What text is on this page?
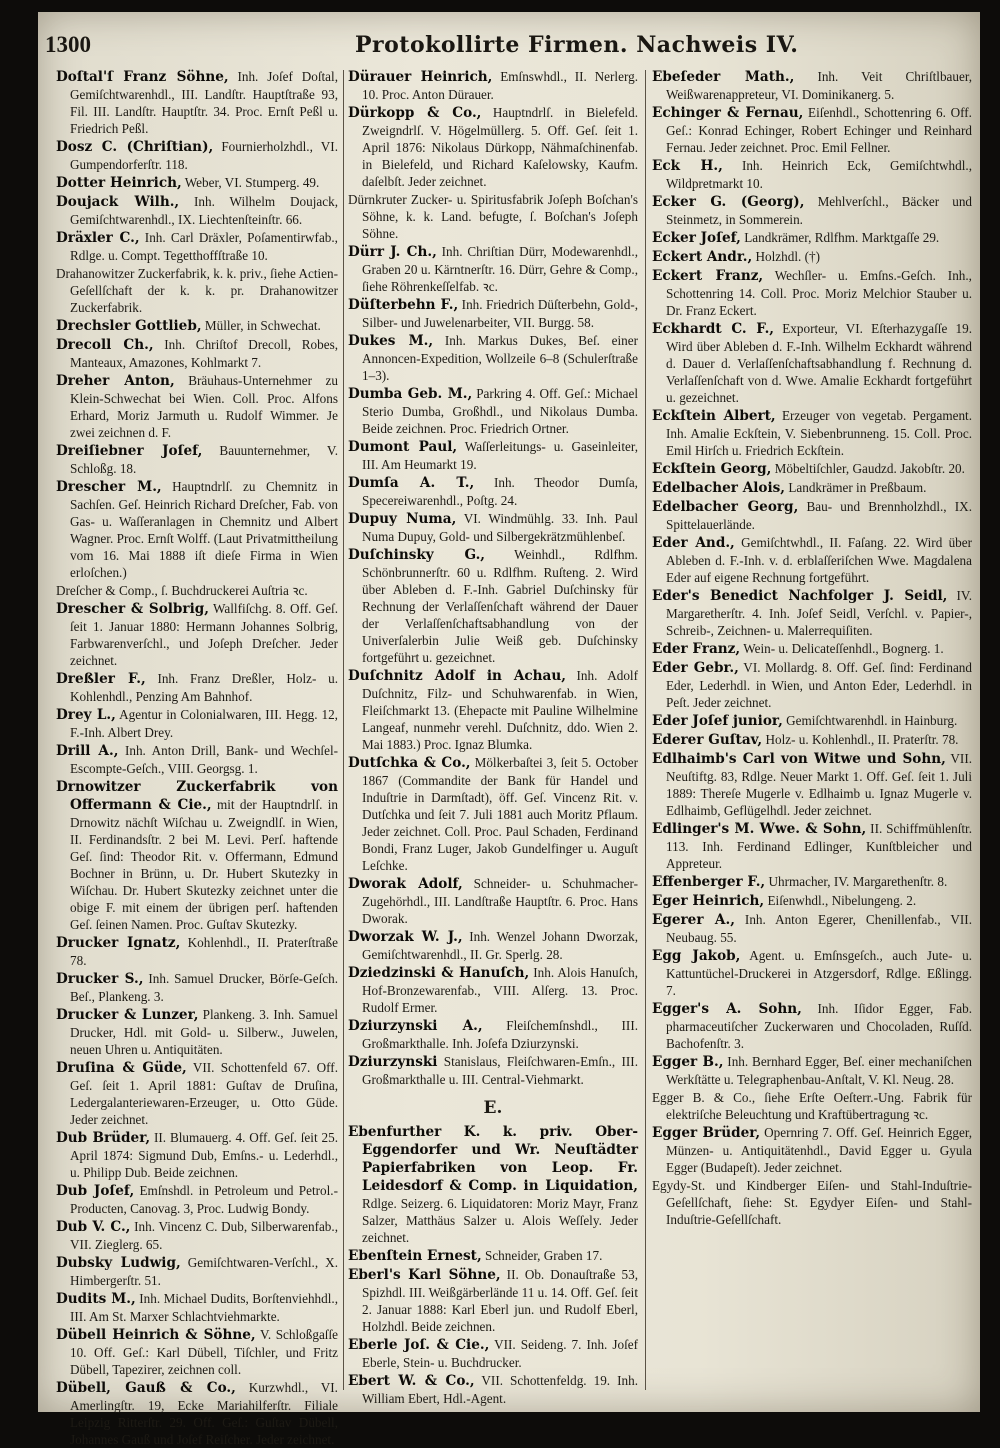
1300	Protokollirte Firmen. Nachweis IV.
Doſtal'ſ Franz Söhne, Inh. Joſef Doſtal, Gemiſchtwarenhdl., III. Landſtr. Hauptſtraße 93, Fil. III. Landſtr. Hauptſtr. 34. Proc. Ernſt Peßl u. Friedrich Peßl.
Dosz C. (Chriſtian), Fournierholzhdl., VI. Gumpendorferſtr. 118.
Dotter Heinrich, Weber, VI. Stumperg. 49.
Doujack Wilh., Inh. Wilhelm Doujack, Gemiſchtwarenhdl., IX. Liechtenſteinſtr. 66.
Dräxler C., Inh. Carl Dräxler, Poſamentirwfab., Rdlge. u. Compt. Tegetthoffſtraße 10.
Drahanowitzer Zuckerfabrik, k. k. priv., ſiehe Actien-Geſellſchaft der k. k. pr. Drahanowitzer Zuckerfabrik.
Drechsler Gottlieb, Müller, in Schwechat.
Drecoll Ch., Inh. Chriſtof Drecoll, Robes, Manteaux, Amazones, Kohlmarkt 7.
Dreher Anton, Bräuhaus-Unternehmer zu Klein-Schwechat bei Wien. Coll. Proc. Alfons Erhard, Moriz Jarmuth u. Rudolf Wimmer. Je zwei zeichnen d. F.
Dreiſiebner Joſef, Bauunternehmer, V. Schloßg. 18.
Drescher M., Hauptndrlſ. zu Chemnitz in Sachſen. Geſ. Heinrich Richard Dreſcher, Fab. von Gas- u. Waſſeranlagen in Chemnitz und Albert Wagner. Proc. Ernſt Wolff. (Laut Privatmittheilung vom 16. Mai 1888 iſt dieſe Firma in Wien erloſchen.)
Dreſcher & Comp., ſ. Buchdruckerei Auſtria ꝛc.
Drescher & Solbrig, Wallfiſchg. 8. Off. Geſ. ſeit 1. Januar 1880: Hermann Johannes Solbrig, Farbwarenverſchl., und Joſeph Dreſcher. Jeder zeichnet.
Dreßler F., Inh. Franz Dreßler, Holz- u. Kohlenhdl., Penzing Am Bahnhof.
Drey L., Agentur in Colonialwaren, III. Hegg. 12, F.-Inh. Albert Drey.
Drill A., Inh. Anton Drill, Bank- und Wechſel-Escompte-Geſch., VIII. Georgsg. 1.
Drnowitzer Zuckerfabrik von Offermann & Cie., mit der Hauptndrlſ. in Drnowitz nächſt Wiſchau u. Zweigndlſ. in Wien, II. Ferdinandsſtr. 2 bei M. Levi. Perſ. haftende Geſ. ſind: Theodor Rit. v. Offermann, Edmund Bochner in Brünn, u. Dr. Hubert Skutezky in Wiſchau. Dr. Hubert Skutezky zeichnet unter die obige F. mit einem der übrigen perſ. haftenden Geſ. ſeinen Namen. Proc. Guſtav Skutezky.
Drucker Ignatz, Kohlenhdl., II. Praterſtraße 78.
Drucker S., Inh. Samuel Drucker, Börſe-Geſch. Beſ., Plankeng. 3.
Drucker & Lunzer, Plankeng. 3. Inh. Samuel Drucker, Hdl. mit Gold- u. Silberw., Juwelen, neuen Uhren u. Antiquitäten.
Druſina & Güde, VII. Schottenfeld 67. Off. Geſ. ſeit 1. April 1881: Guſtav de Druſina, Ledergalanteriewaren-Erzeuger, u. Otto Güde. Jeder zeichnet.
Dub Brüder, II. Blumauerg. 4. Off. Geſ. ſeit 25. April 1874: Sigmund Dub, Emſns.- u. Lederhdl., u. Philipp Dub. Beide zeichnen.
Dub Joſef, Emſnshdl. in Petroleum und Petrol.-Producten, Canovag. 3, Proc. Ludwig Bondy.
Dub V. C., Inh. Vincenz C. Dub, Silberwarenfab., VII. Zieglerg. 65.
Dubsky Ludwig, Gemiſchtwaren-Verſchl., X. Himbergerſtr. 51.
Dudits M., Inh. Michael Dudits, Borſtenviehhdl., III. Am St. Marxer Schlachtviehmarkte.
Dübell Heinrich & Söhne, V. Schloßgaſſe 10. Off. Geſ.: Karl Dübell, Tiſchler, und Fritz Dübell, Tapezirer, zeichnen coll.
Dübell, Gauß & Co., Kurzwhdl., VI. Amerlingſtr. 19, Ecke Mariahilferſtr. Filiale Leipzig Ritterſtr. 29. Off. Geſ.: Guſtav Dübell, Johannes Gauß und Joſef Reiſcher. Jeder zeichnet.
Dürauer Heinrich, Emſnswhdl., II. Nerlerg. 10. Proc. Anton Dürauer.
Dürkopp & Co., Hauptndrlſ. in Bielefeld. Zweigndrlſ. V. Högelmüllerg. 5. Off. Geſ. ſeit 1. April 1876: Nikolaus Dürkopp, Nähmaſchinenfab. in Bielefeld, und Richard Kaſelowsky, Kaufm. daſelbſt. Jeder zeichnet.
Dürnkruter Zucker- u. Spiritusfabrik Joſeph Boſchan's Söhne, k. k. Land. befugte, ſ. Boſchan's Joſeph Söhne.
Dürr J. Ch., Inh. Chriſtian Dürr, Modewarenhdl., Graben 20 u. Kärntnerſtr. 16. Dürr, Gehre & Comp., ſiehe Röhrenkeſſelfab. ꝛc.
Düſterbehn F., Inh. Friedrich Düſterbehn, Gold-, Silber- und Juwelenarbeiter, VII. Burgg. 58.
Dukes M., Inh. Markus Dukes, Beſ. einer Annoncen-Expedition, Wollzeile 6–8 (Schulerſtraße 1–3).
Dumba Geb. M., Parkring 4. Off. Geſ.: Michael Sterio Dumba, Großhdl., und Nikolaus Dumba. Beide zeichnen. Proc. Friedrich Ortner.
Dumont Paul, Waſſerleitungs- u. Gaseinleiter, III. Am Heumarkt 19.
Dumſa A. T., Inh. Theodor Dumſa, Specereiwarenhdl., Poſtg. 24.
Dupuy Numa, VI. Windmühlg. 33. Inh. Paul Numa Dupuy, Gold- und Silbergekrätzmühlenbeſ.
Duſchinsky G., Weinhdl., Rdlfhm. Schönbrunnerſtr. 60 u. Rdlfhm. Ruſteng. 2. Wird über Ableben d. F.-Inh. Gabriel Duſchinsky für Rechnung der Verlaſſenſchaft während der Dauer der Verlaſſenſchaftsabhandlung von der Univerſalerbin Julie Weiß geb. Duſchinsky fortgeführt u. gezeichnet.
Duſchnitz Adolf in Achau, Inh. Adolf Duſchnitz, Filz- und Schuhwarenfab. in Wien, Fleiſchmarkt 13. (Ehepacte mit Pauline Wilhelmine Langeaf, nunmehr verehl. Duſchnitz, ddo. Wien 2. Mai 1883.) Proc. Ignaz Blumka.
Dutſchka & Co., Mölkerbaſtei 3, ſeit 5. October 1867 (Commandite der Bank für Handel und Induſtrie in Darmſtadt), öff. Geſ. Vincenz Rit. v. Dutſchka und ſeit 7. Juli 1881 auch Moritz Pflaum. Jeder zeichnet. Coll. Proc. Paul Schaden, Ferdinand Bondi, Franz Luger, Jakob Gundelfinger u. Auguſt Leſchke.
Dworak Adolf, Schneider- u. Schuhmacher-Zugehörhdl., III. Landſtraße Hauptſtr. 6. Proc. Hans Dworak.
Dworzak W. J., Inh. Wenzel Johann Dworzak, Gemiſchtwarenhdl., II. Gr. Sperlg. 28.
Dziedzinski & Hanuſch, Inh. Alois Hanuſch, Hof-Bronzewarenfab., VIII. Alſerg. 13. Proc. Rudolf Ermer.
Dziurzynski A., Fleiſchemſnshdl., III. Großmarkthalle. Inh. Joſefa Dziurzynski.
Dziurzynski Stanislaus, Fleiſchwaren-Emſn., III. Großmarkthalle u. III. Central-Viehmarkt.
E.
Ebenfurther K. k. priv. Ober-Eggendorfer und Wr. Neuſtädter Papierfabriken von Leop. Fr. Leidesdorf & Comp. in Liquidation, Rdlge. Seizerg. 6. Liquidatoren: Moriz Mayr, Franz Salzer, Matthäus Salzer u. Alois Weſſely. Jeder zeichnet.
Ebenſtein Ernest, Schneider, Graben 17.
Eberl's Karl Söhne, II. Ob. Donauſtraße 53, Spizhdl. III. Weißgärberlände 11 u. 14. Off. Geſ. ſeit 2. Januar 1888: Karl Eberl jun. und Rudolf Eberl, Holzhdl. Beide zeichnen.
Eberle Joſ. & Cie., VII. Seideng. 7. Inh. Joſef Eberle, Stein- u. Buchdrucker.
Ebert W. & Co., VII. Schottenfeldg. 19. Inh. William Ebert, Hdl.-Agent.
Ebeſeder Math., Inh. Veit Chriſtlbauer, Weißwarenappreteur, VI. Dominikanerg. 5.
Echinger & Fernau, Eiſenhdl., Schottenring 6. Off. Geſ.: Konrad Echinger, Robert Echinger und Reinhard Fernau. Jeder zeichnet. Proc. Emil Fellner.
Eck H., Inh. Heinrich Eck, Gemiſchtwhdl., Wildpretmarkt 10.
Ecker G. (Georg), Mehlverſchl., Bäcker und Steinmetz, in Sommerein.
Ecker Joſef, Landkrämer, Rdlfhm. Marktgaſſe 29.
Eckert Andr., Holzhdl. (†)
Eckert Franz, Wechſler- u. Emſns.-Geſch. Inh., Schottenring 14. Coll. Proc. Moriz Melchior Stauber u. Dr. Franz Eckert.
Eckhardt C. F., Exporteur, VI. Eſterhazygaſſe 19. Wird über Ableben d. F.-Inh. Wilhelm Eckhardt während d. Dauer d. Verlaſſenſchaftsabhandlung f. Rechnung d. Verlaſſenſchaft von d. Wwe. Amalie Eckhardt fortgeführt u. gezeichnet.
Eckſtein Albert, Erzeuger von vegetab. Pergament. Inh. Amalie Eckſtein, V. Siebenbrunneng. 15. Coll. Proc. Emil Hirſch u. Friedrich Eckſtein.
Eckſtein Georg, Möbeltiſchler, Gaudzd. Jakobſtr. 20.
Edelbacher Alois, Landkrämer in Preßbaum.
Edelbacher Georg, Bau- und Brennholzhdl., IX. Spittelauerlände.
Eder And., Gemiſchtwhdl., II. Faſang. 22. Wird über Ableben d. F.-Inh. v. d. erblaſſeriſchen Wwe. Magdalena Eder auf eigene Rechnung fortgeführt.
Eder's Benedict Nachfolger J. Seidl, IV. Margaretherſtr. 4. Inh. Joſef Seidl, Verſchl. v. Papier-, Schreib-, Zeichnen- u. Malerrequiſiten.
Eder Franz, Wein- u. Delicateſſenhdl., Bognerg. 1.
Eder Gebr., VI. Mollardg. 8. Off. Geſ. ſind: Ferdinand Eder, Lederhdl. in Wien, und Anton Eder, Lederhdl. in Peſt. Jeder zeichnet.
Eder Joſef junior, Gemiſchtwarenhdl. in Hainburg.
Ederer Guſtav, Holz- u. Kohlenhdl., II. Praterſtr. 78.
Edlhaimb's Carl von Witwe und Sohn, VII. Neuſtiftg. 83, Rdlge. Neuer Markt 1. Off. Geſ. ſeit 1. Juli 1889: Thereſe Mugerle v. Edlhaimb u. Ignaz Mugerle v. Edlhaimb, Geflügelhdl. Jeder zeichnet.
Edlinger's M. Wwe. & Sohn, II. Schiffmühlenſtr. 113. Inh. Ferdinand Edlinger, Kunſtbleicher und Appreteur.
Effenberger F., Uhrmacher, IV. Margarethenſtr. 8.
Eger Heinrich, Eiſenwhdl., Nibelungeng. 2.
Egerer A., Inh. Anton Egerer, Chenillenfab., VII. Neubaug. 55.
Egg Jakob, Agent. u. Emſnsgeſch., auch Jute- u. Kattuntüchel-Druckerei in Atzgersdorf, Rdlge. Eßlingg. 7.
Egger's A. Sohn, Inh. Iſidor Egger, Fab. pharmaceutiſcher Zuckerwaren und Chocoladen, Ruſſd. Bachofenſtr. 3.
Egger B., Inh. Bernhard Egger, Beſ. einer mechaniſchen Werkſtätte u. Telegraphenbau-Anſtalt, V. Kl. Neug. 28.
Egger B. & Co., ſiehe Erſte Oeſterr.-Ung. Fabrik für elektriſche Beleuchtung und Kraftübertragung ꝛc.
Egger Brüder, Opernring 7. Off. Geſ. Heinrich Egger, Münzen- u. Antiquitätenhdl., David Egger u. Gyula Egger (Budapeſt). Jeder zeichnet.
Egydy-St. und Kindberger Eiſen- und Stahl-Induſtrie-Geſellſchaft, ſiehe: St. Egydyer Eiſen- und Stahl-Induſtrie-Geſellſchaft.
